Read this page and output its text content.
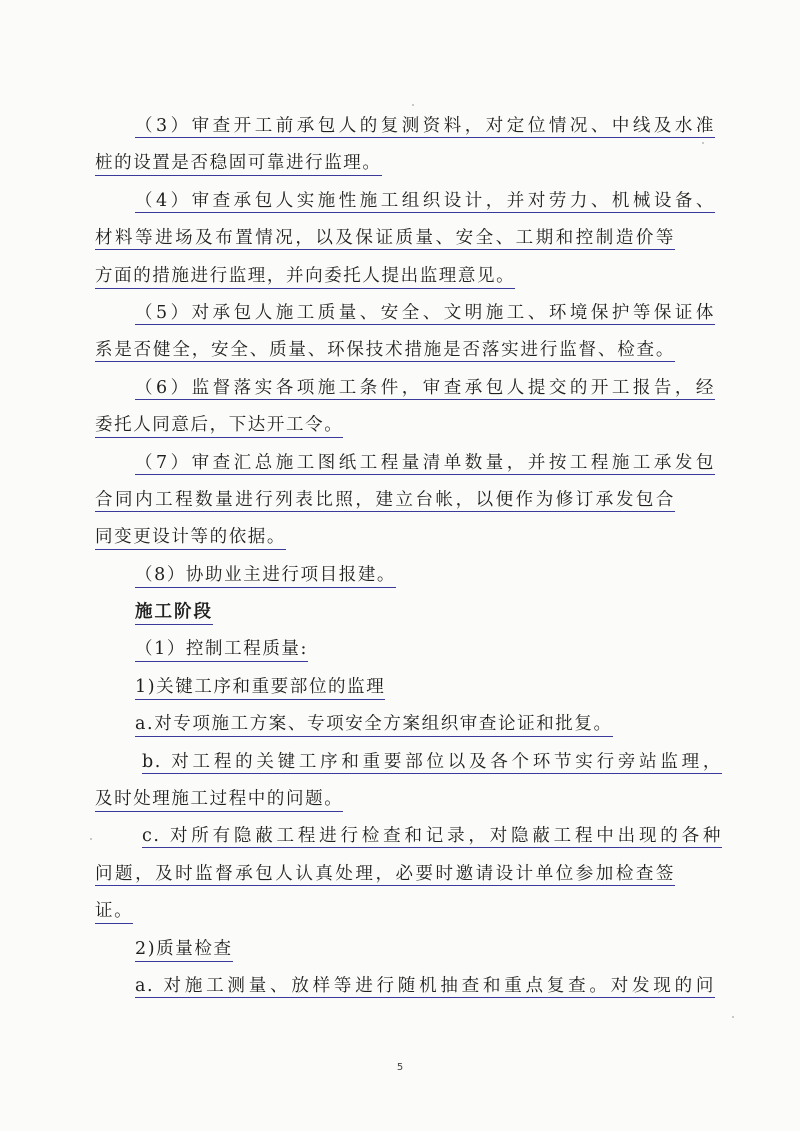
（3）审查开工前承包人的复测资料，对定位情况、中线及水准
桩的设置是否稳固可靠进行监理。
（4）审查承包人实施性施工组织设计，并对劳力、机械设备、
材料等进场及布置情况，以及保证质量、安全、工期和控制造价等
方面的措施进行监理，并向委托人提出监理意见。
（5）对承包人施工质量、安全、文明施工、环境保护等保证体
系是否健全，安全、质量、环保技术措施是否落实进行监督、检查。
（6）监督落实各项施工条件，审查承包人提交的开工报告，经
委托人同意后，下达开工令。
（7）审查汇总施工图纸工程量清单数量，并按工程施工承发包
合同内工程数量进行列表比照，建立台帐，以便作为修订承发包合
同变更设计等的依据。
（8）协助业主进行项目报建。
施工阶段
（1）控制工程质量:
1)关键工序和重要部位的监理
a.对专项施工方案、专项安全方案组织审查论证和批复。
b. 对工程的关键工序和重要部位以及各个环节实行旁站监理，
及时处理施工过程中的问题。
c. 对所有隐蔽工程进行检查和记录，对隐蔽工程中出现的各种
问题，及时监督承包人认真处理，必要时邀请设计单位参加检查签
证。
2)质量检查
a. 对施工测量、放样等进行随机抽查和重点复查。对发现的问
5
